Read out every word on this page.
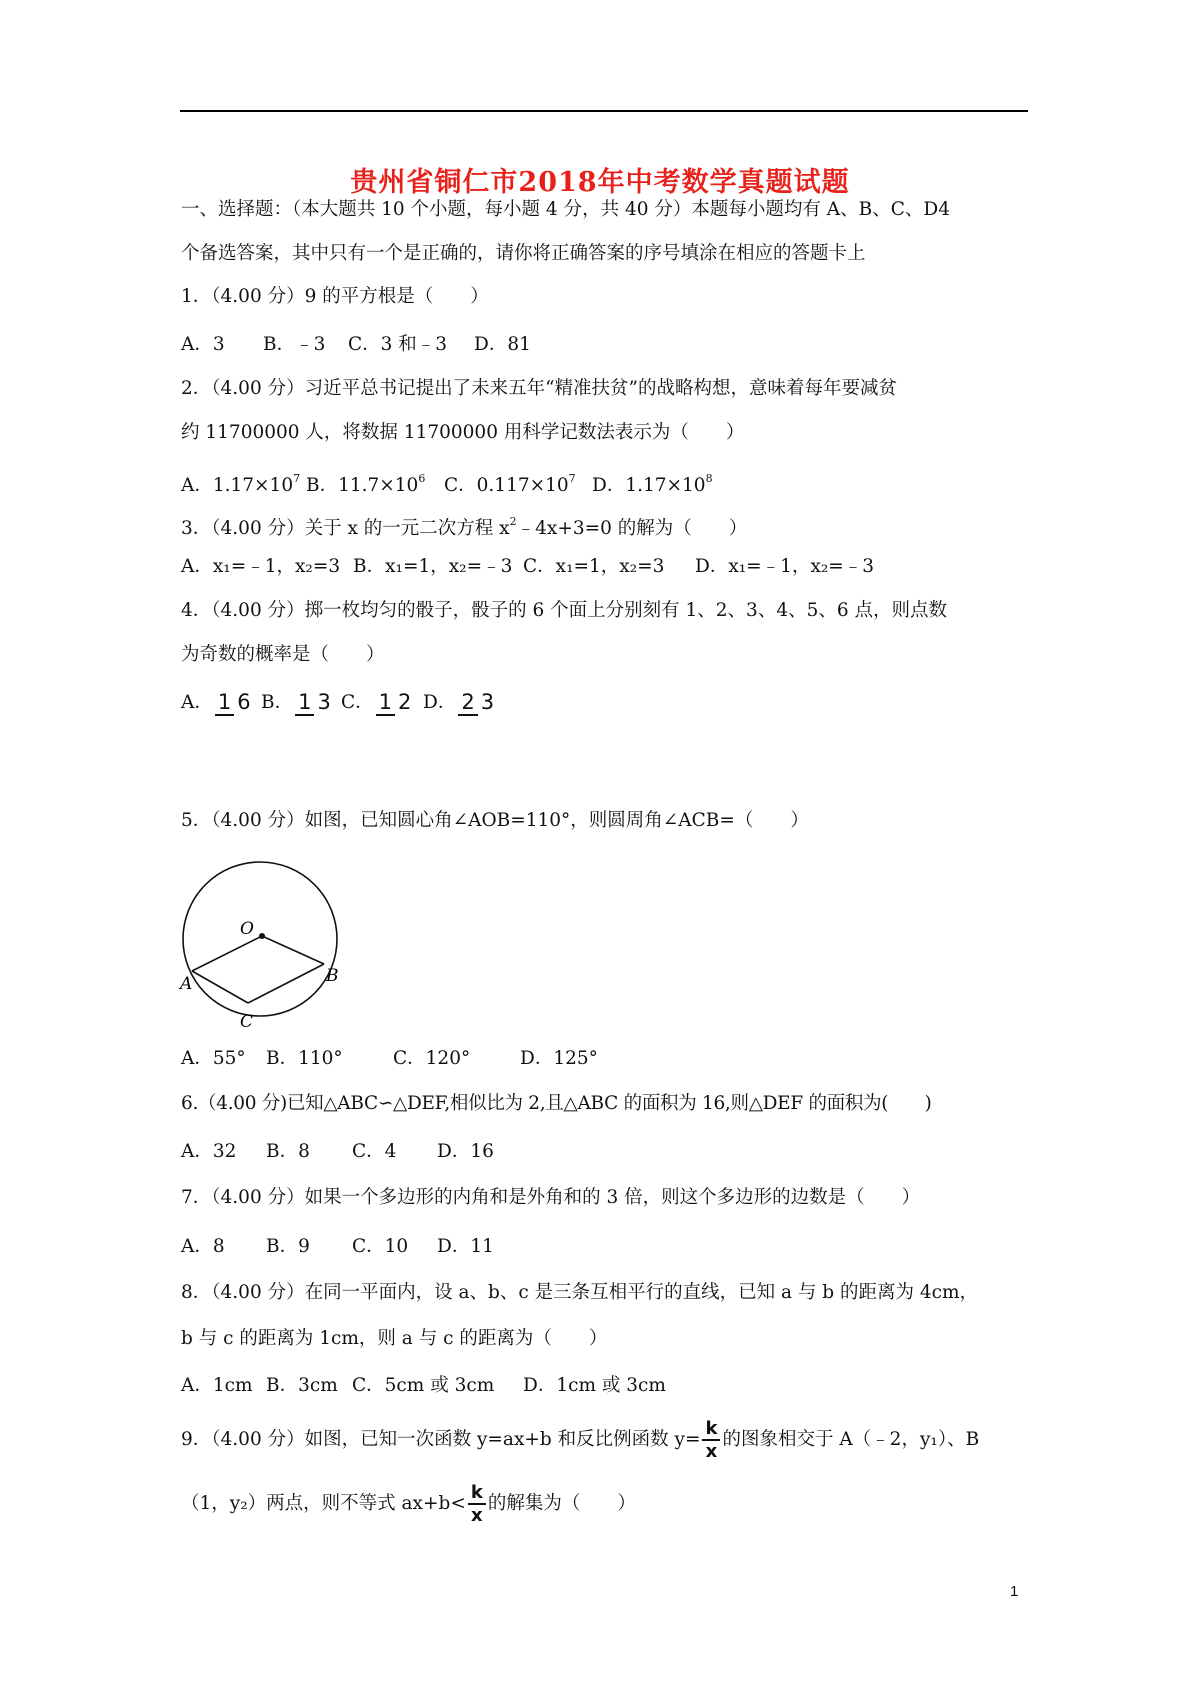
贵州省铜仁市2018年中考数学真题试题
一、选择题：（本大题共 10 个小题，每小题 4 分，共 40 分）本题每小题均有 A、B、C、D4
个备选答案，其中只有一个是正确的，请你将正确答案的序号填涂在相应的答题卡上
1．（4.00 分）9 的平方根是（　　）
A．3 B．﹣3 C．3 和﹣3 D．81
2．（4.00 分）习近平总书记提出了未来五年“精准扶贫”的战略构想，意味着每年要减贫
约 11700000 人，将数据 11700000 用科学记数法表示为（　　）
A．$1.17\times 10^7$ B．$11.7\times 10^6$ C．$0.117\times 10^7$ D．$1.17\times 10^8$
3．（4.00 分）关于 x 的一元二次方程 $x^2﹣4x+3=0$ 的解为（　　）
A．x₁=﹣1，x₂=3 B．x₁=1，x₂=﹣3 C．x₁=1，x₂=3 D．x₁=﹣1，x₂=﹣3
4．（4.00 分）掷一枚均匀的骰子，骰子的 6 个面上分别刻有 1、2、3、4、5、6 点，则点数
为奇数的概率是（　　）
A． 1 6 B． 1 3 C． 1 2 D． 2 3
5．（4.00 分）如图，已知圆心角∠AOB=110°，则圆周角∠ACB=（　　）
O
A	B
C
A．55° B．110°	C．120°	D．125°
6.（4.00 分)已知△ABC∽△DEF,相似比为 2,且△ABC 的面积为 16,则△DEF 的面积为(　　)
A．32 B．8 C．4 D．16
7．（4.00 分）如果一个多边形的内角和是外角和的 3 倍，则这个多边形的边数是（　　）
A．8 B．9 C．10 D．11
8．（4.00 分）在同一平面内，设 a、b、c 是三条互相平行的直线，已知 a 与 b 的距离为 4cm，
b 与 c 的距离为 1cm，则 a 与 c 的距离为（　　）
A．1cm B．3cm C．5cm 或 3cm D．1cm 或 3cm
9．（4.00 分）如图，已知一次函数 y=ax+b 和反比例函数 $y= \frac{k}{x}$ 的图象相交于 A（﹣2，y₁）、B
（1，y₂）两点，则不等式 $ax+b< \frac{k}{x}$ 的解集为（　　）
1
